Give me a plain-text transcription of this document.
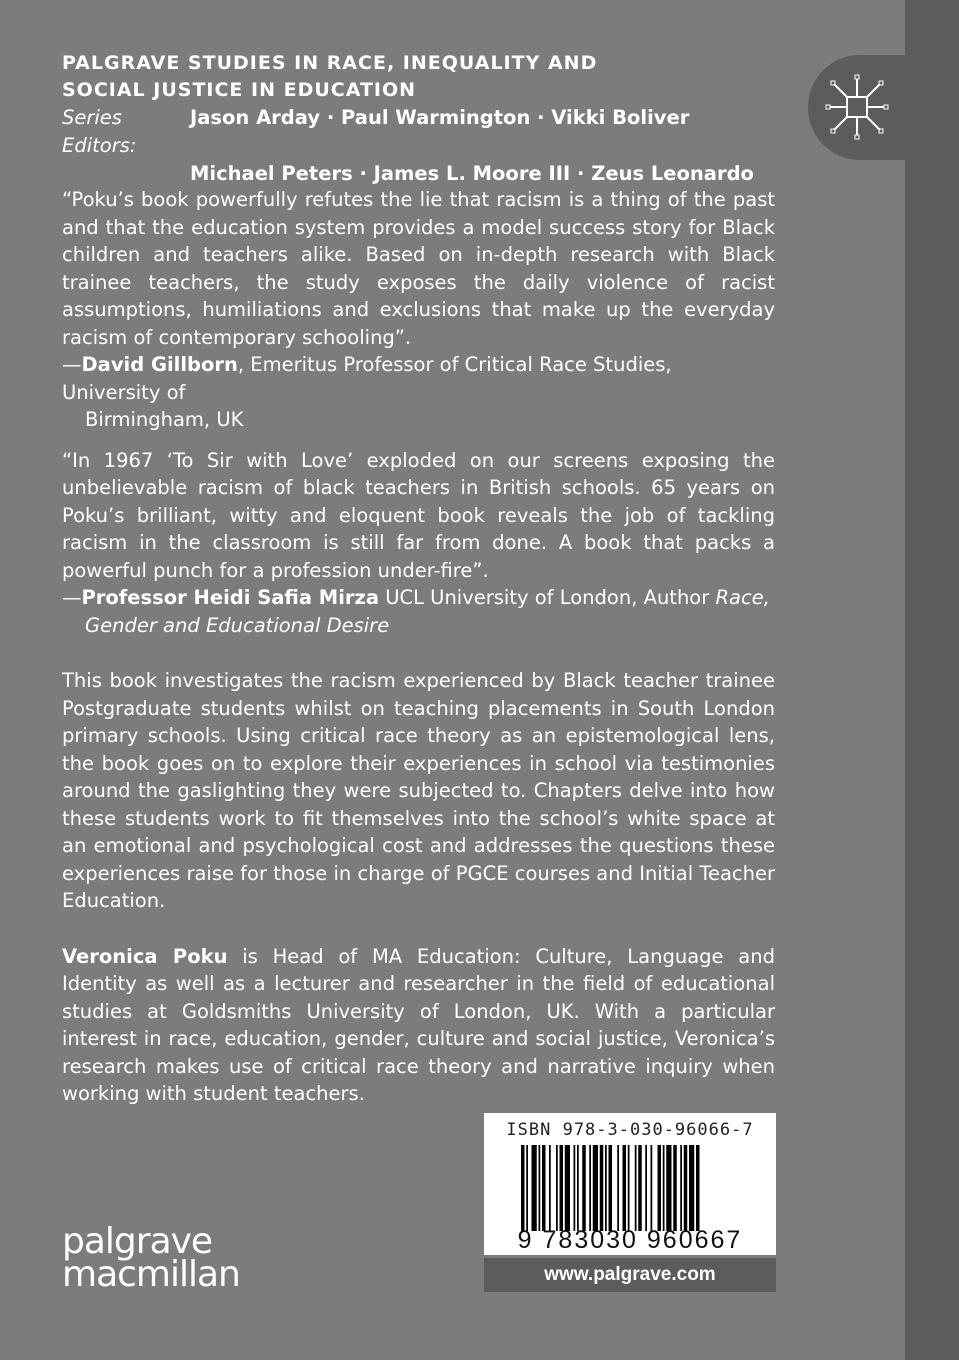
PALGRAVE STUDIES IN RACE, INEQUALITY AND
SOCIAL JUSTICE IN EDUCATION
Series Editors:
Jason Arday · Paul Warmington · Vikki Boliver
Michael Peters · James L. Moore III · Zeus Leonardo

“Poku’s book powerfully refutes the lie that racism is a thing of the past and that the education system provides a model success story for Black children and teachers alike. Based on in-depth research with Black trainee teachers, the study exposes the daily violence of racist assumptions, humiliations and exclusions that make up the everyday racism of contemporary schooling”.

—David Gillborn, Emeritus Professor of Critical Race Studies, University of
Birmingham, UK

“In 1967 ‘To Sir with Love’ exploded on our screens exposing the unbelievable racism of black teachers in British schools. 65 years on Poku’s brilliant, witty and eloquent book reveals the job of tackling racism in the classroom is still far from done. A book that packs a powerful punch for a profession under-fire”.

—Professor Heidi Safia Mirza UCL University of London, Author Race,
Gender and Educational Desire

This book investigates the racism experienced by Black teacher trainee Postgraduate students whilst on teaching placements in South London primary schools. Using critical race theory as an epistemological lens, the book goes on to explore their experiences in school via testimonies around the gaslighting they were subjected to. Chapters delve into how these students work to fit themselves into the school’s white space at an emotional and psychological cost and addresses the questions these experiences raise for those in charge of PGCE courses and Initial Teacher Education.

Veronica Poku is Head of MA Education: Culture, Language and Identity as well as a lecturer and researcher in the field of educational studies at Goldsmiths University of London, UK. With a particular interest in race, education, gender, culture and social justice, Veronica’s research makes use of critical race theory and narrative inquiry when working with student teachers.

palgrave
macmillan
ISBN 978-3-030-96066-7
9 783030 960667
www.palgrave.com
